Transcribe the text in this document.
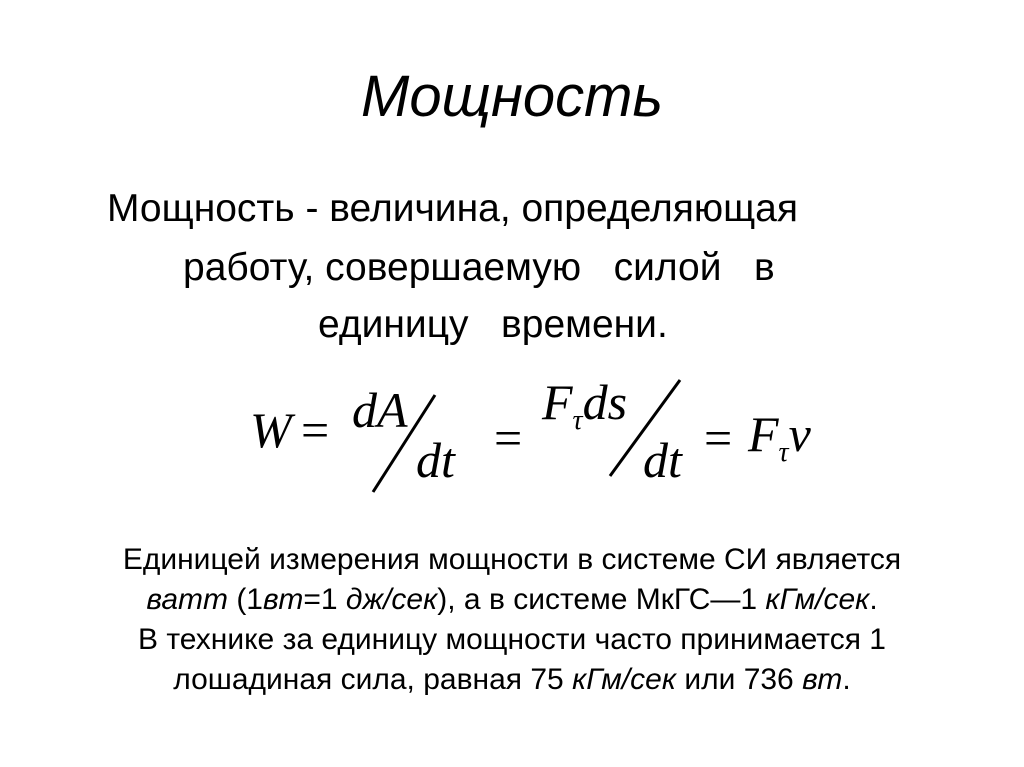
Мощность
Мощность - величина, определяющая
работу, совершаемую   силой   в
единицу   времени.
W = dA
dt =
$F_\tau ds$
dt = $F_\tau v$
Единицей измерения мощности в системе СИ является
ватт (1вт=1 дж/сек), а в системе МкГС—1 кГм/сек.
В технике за единицу мощности часто принимается 1
лошадиная сила, равная 75 кГм/сек или 736 вт.
